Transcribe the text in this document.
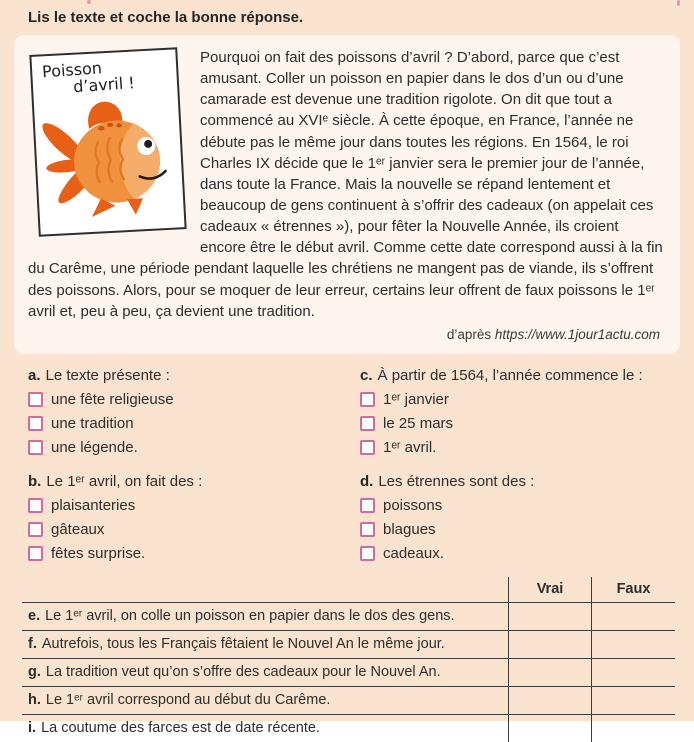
Lis le texte et coche la bonne réponse.
Poisson
d’avril !

Pourquoi on fait des poissons d’avril ? D’abord, parce que c’est amusant. Coller un poisson en papier dans le dos d’un ou d’une camarade est devenue une tradition rigolote. On dit que tout a commencé au XVIᵉ siècle. À cette époque, en France, l’année ne débute pas le même jour dans toutes les régions. En 1564, le roi Charles IX décide que le 1ᵉʳ janvier sera le premier jour de l’année, dans toute la France. Mais la nouvelle se répand lentement et beaucoup de gens continuent à s’offrir des cadeaux (on appelait ces cadeaux « étrennes »), pour fêter la Nouvelle Année, ils croient encore être le début avril. Comme cette date correspond aussi à la fin du Carême, une période pendant laquelle les chrétiens ne mangent pas de viande, ils s’offrent des poissons. Alors, pour se moquer de leur erreur, certains leur offrent de faux poissons le 1ᵉʳ avril et, peu à peu, ça devient une tradition.

d’après https://www.1jour1actu.com
a. Le texte présente :
une fête religieuse
une tradition
une légende.
c. À partir de 1564, l’année commence le :
1ᵉʳ janvier
le 25 mars
1ᵉʳ avril.
b. Le 1ᵉʳ avril, on fait des :
plaisanteries
gâteaux
fêtes surprise.
d. Les étrennes sont des :
poissons
blagues
cadeaux.
Vrai	Faux
e. Le 1ᵉʳ avril, on colle un poisson en papier dans le dos des gens.
f. Autrefois, tous les Français fêtaient le Nouvel An le même jour.
g. La tradition veut qu’on s’offre des cadeaux pour le Nouvel An.
h. Le 1ᵉʳ avril correspond au début du Carême.
i. La coutume des farces est de date récente.
